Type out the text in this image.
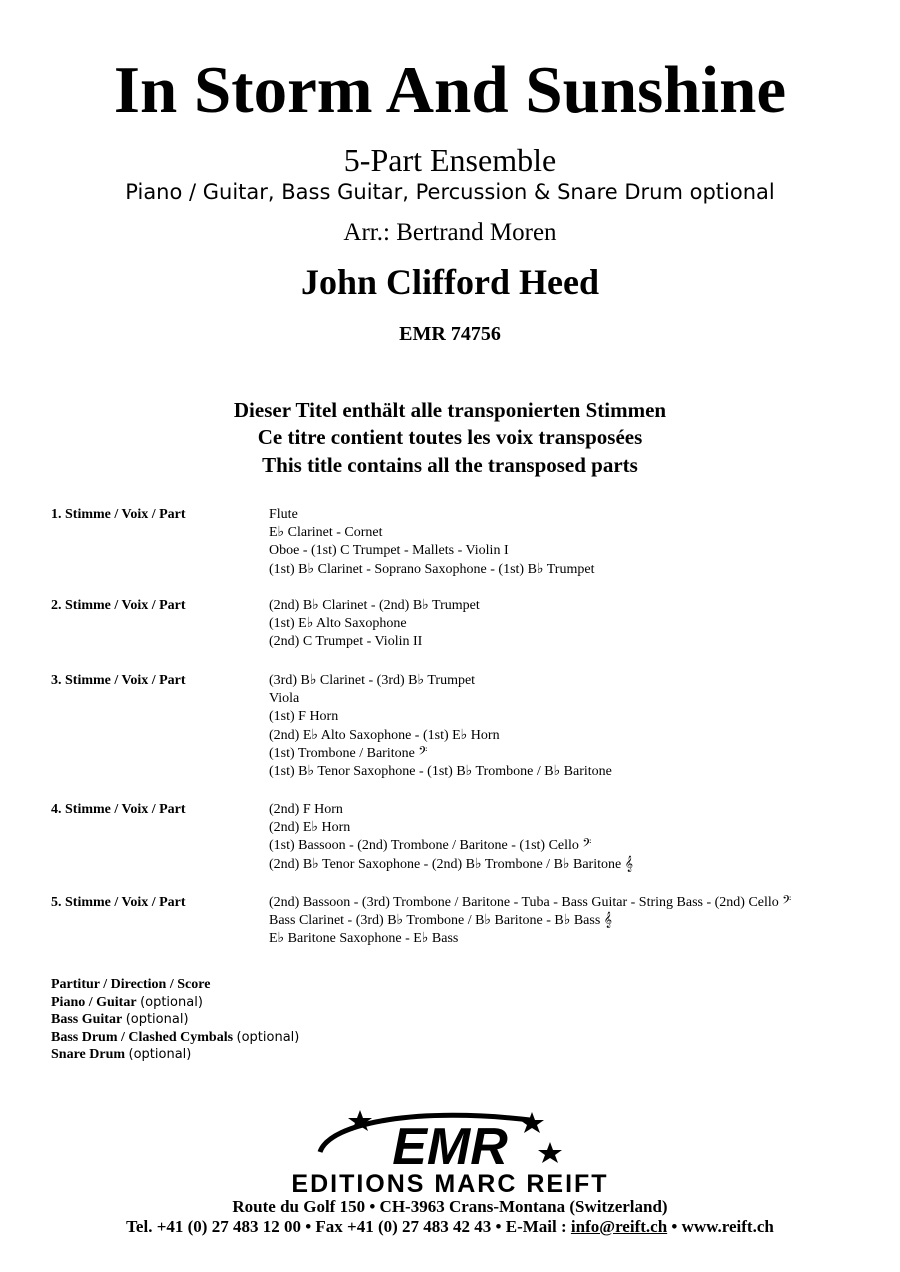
In Storm And Sunshine
5-Part Ensemble
Piano / Guitar, Bass Guitar, Percussion & Snare Drum optional
Arr.: Bertrand Moren
John Clifford Heed
EMR 74756
Dieser Titel enthält alle transponierten Stimmen
Ce titre contient toutes les voix transposées
This title contains all the transposed parts
1. Stimme / Voix / Part	Flute
E♭ Clarinet - Cornet
Oboe - (1st) C Trumpet - Mallets - Violin I
(1st) B♭ Clarinet - Soprano Saxophone - (1st) B♭ Trumpet
2. Stimme / Voix / Part	(2nd) B♭ Clarinet - (2nd) B♭ Trumpet
(1st) E♭ Alto Saxophone
(2nd) C Trumpet - Violin II
3. Stimme / Voix / Part	(3rd) B♭ Clarinet - (3rd) B♭ Trumpet
Viola
(1st) F Horn
(2nd) E♭ Alto Saxophone - (1st) E♭ Horn
(1st) Trombone / Baritone 𝄢
(1st) B♭ Tenor Saxophone - (1st) B♭ Trombone / B♭ Baritone
4. Stimme / Voix / Part	(2nd) F Horn
(2nd) E♭ Horn
(1st) Bassoon - (2nd) Trombone / Baritone - (1st) Cello 𝄢
(2nd) B♭ Tenor Saxophone - (2nd) B♭ Trombone / B♭ Baritone 𝄞
5. Stimme / Voix / Part	(2nd) Bassoon - (3rd) Trombone / Baritone - Tuba - Bass Guitar - String Bass - (2nd) Cello 𝄢
Bass Clarinet - (3rd) B♭ Trombone / B♭ Baritone - B♭ Bass 𝄞
E♭ Baritone Saxophone - E♭ Bass
Partitur / Direction / Score
Piano / Guitar (optional)
Bass Guitar (optional)
Bass Drum / Clashed Cymbals (optional)
Snare Drum (optional)
EMR
EDITIONS MARC REIFT
Route du Golf 150 • CH-3963 Crans-Montana (Switzerland)
Tel. +41 (0) 27 483 12 00 • Fax +41 (0) 27 483 42 43 • E-Mail : info@reift.ch • www.reift.ch
